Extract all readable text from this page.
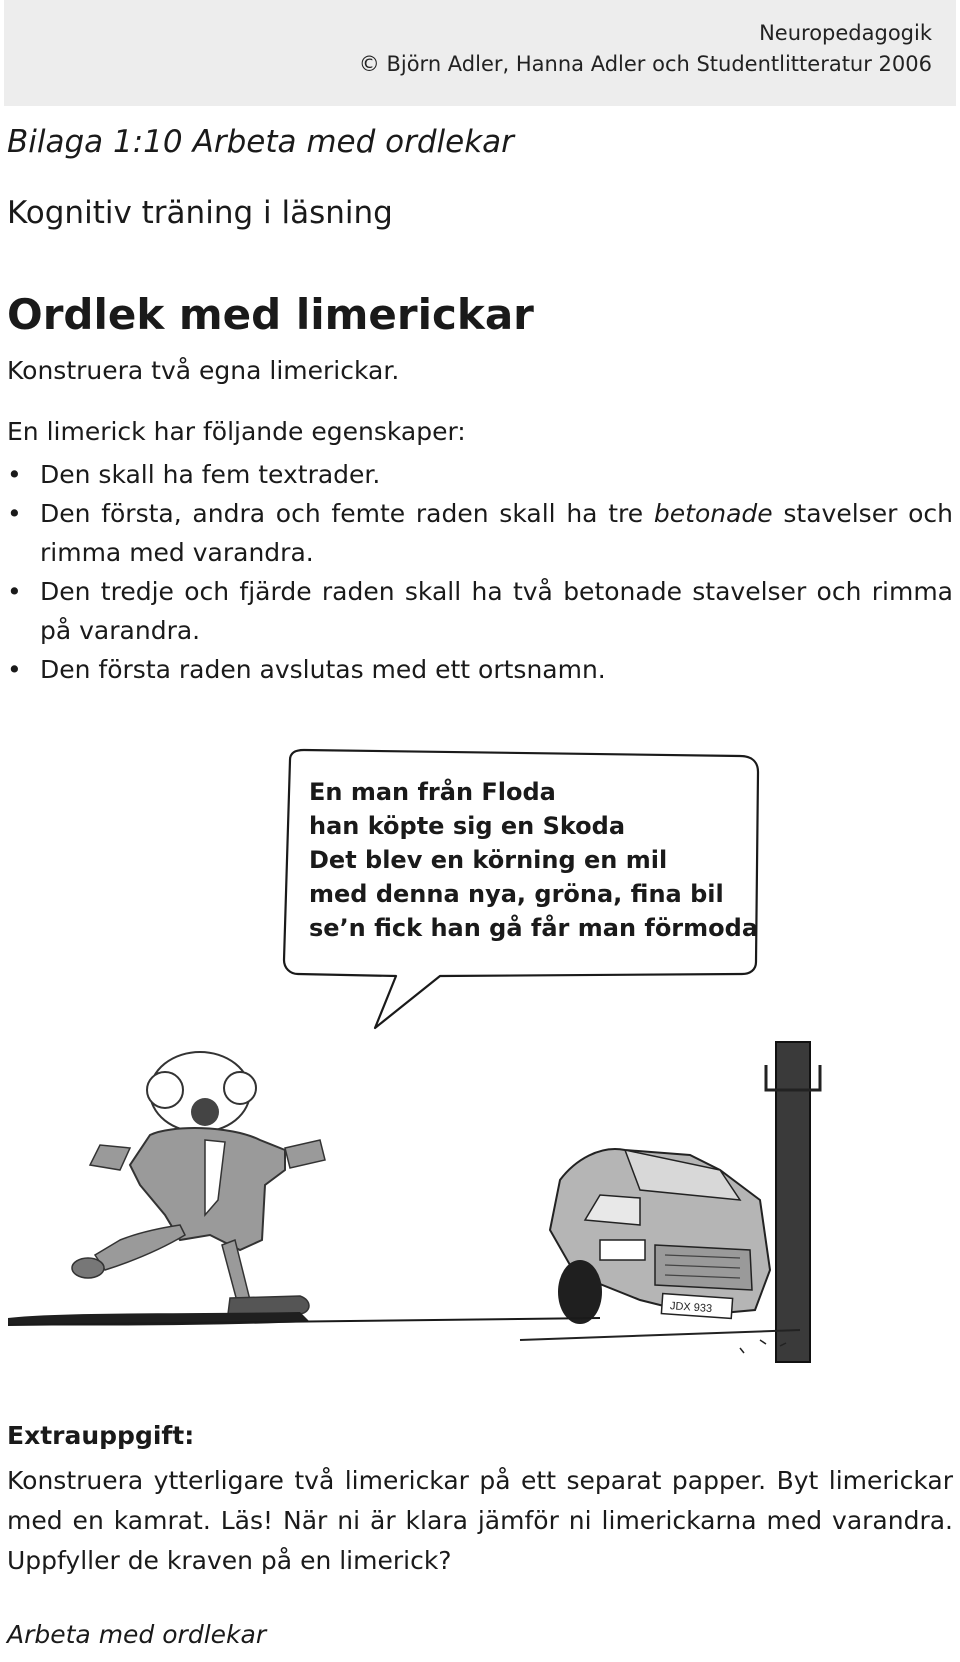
Neuropedagogik
© Björn Adler, Hanna Adler och Studentlitteratur 2006
Bilaga 1:10 Arbeta med ordlekar
Kognitiv träning i läsning
Ordlek med limerickar
Konstruera två egna limerickar.
En limerick har följande egenskaper:
• Den skall ha fem textrader.
• Den första, andra och femte raden skall ha tre betonade stavelser och rimma med varandra.
• Den tredje och fjärde raden skall ha två betonade stavelser och rimma på varandra.
• Den första raden avslutas med ett ortsnamn.
JDX 933
En man från Floda
han köpte sig en Skoda
Det blev en körning en mil
med denna nya, gröna, fina bil
se’n fick han gå får man förmoda
Extrauppgift:

Konstruera ytterligare två limerickar på ett separat papper. Byt limerickar med en kamrat. Läs! När ni är klara jämför ni limerickarna med varandra. Uppfyller de kraven på en limerick?

Arbeta med ordlekar
